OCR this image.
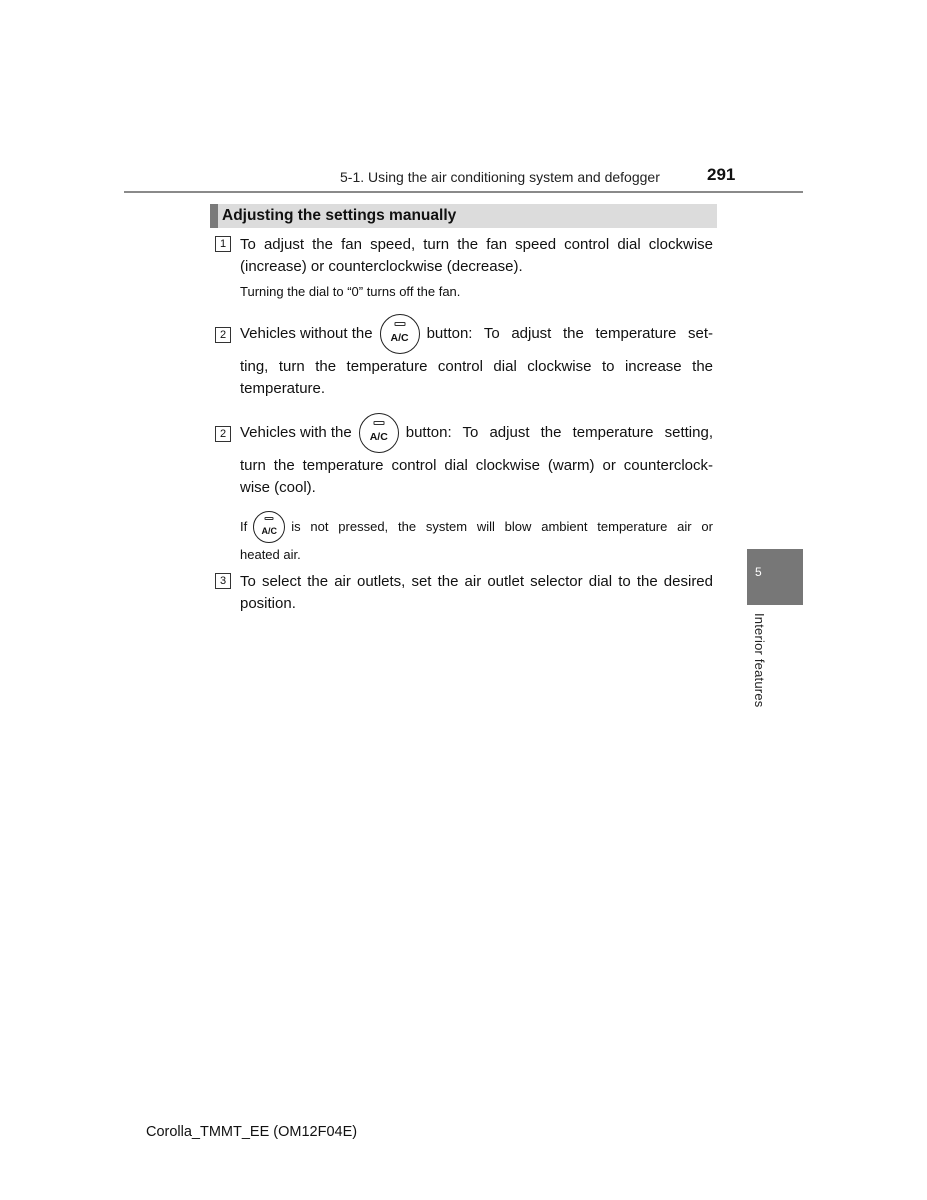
5-1. Using the air conditioning system and defogger	291
Adjusting the settings manually
1 To adjust the fan speed, turn the fan speed control dial clockwise
(increase) or counterclockwise (decrease).
Turning the dial to “0” turns off the fan.
2 Vehicles without the	A/C	button: To adjust the temperature set-
ting, turn the temperature control dial clockwise to increase the
temperature.
2 Vehicles with the	A/C	button: To adjust the temperature setting,
turn the temperature control dial clockwise (warm) or counterclock-
wise (cool).
If	A/C	is not pressed, the system will blow ambient temperature air or
heated air.
3 To select the air outlets, set the air outlet selector dial to the desired
position.
5
Interior features
Corolla_TMMT_EE (OM12F04E)
